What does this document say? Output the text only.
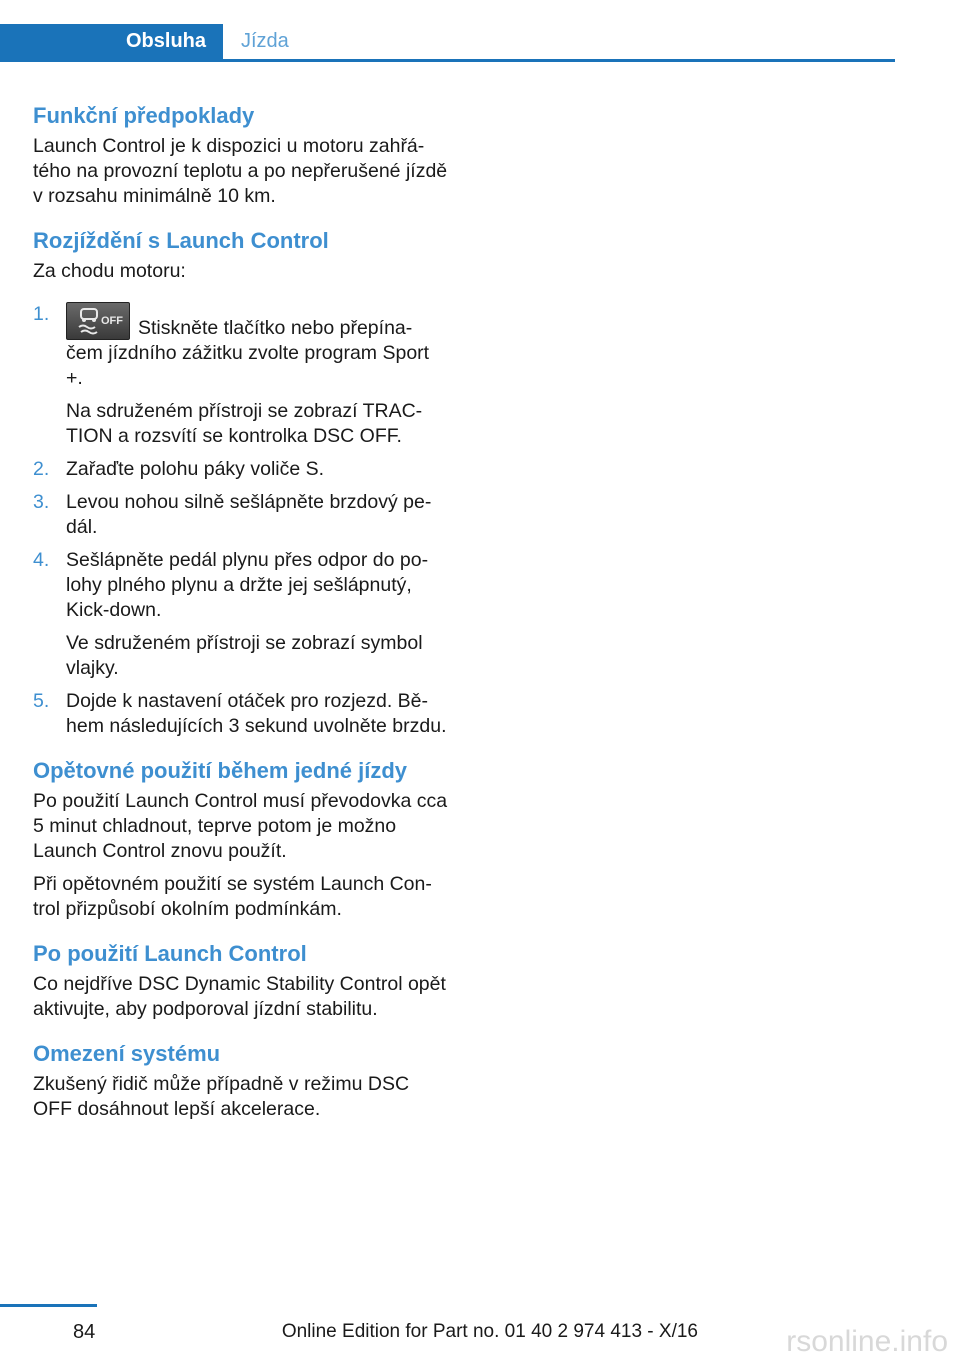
Obsluha Jízda
Funkční předpoklady

Launch Control je k dispozici u motoru zahřá-tého na provozní teplotu a po nepřerušené jízdě v rozsahu minimálně 10 km.

Rozjíždění s Launch Control

Za chodu motoru:

1.	OFF Stiskněte tlačítko nebo přepína-čem jízdního zážitku zvolte program Sport +.

Na sdruženém přístroji se zobrazí TRAC-TION a rozsvítí se kontrolka DSC OFF.

2. Zařaďte polohu páky voliče S.

3. Levou nohou silně sešlápněte brzdový pe-dál.

4. Sešlápněte pedál plynu přes odpor do po-lohy plného plynu a držte jej sešlápnutý, Kick-down.

Ve sdruženém přístroji se zobrazí symbol vlajky.

5. Dojde k nastavení otáček pro rozjezd. Bě-hem následujících 3 sekund uvolněte brzdu.

Opětovné použití během jedné jízdy

Po použití Launch Control musí převodovka cca 5 minut chladnout, teprve potom je možno Launch Control znovu použít.

Při opětovném použití se systém Launch Con-trol přizpůsobí okolním podmínkám.

Po použití Launch Control

Co nejdříve DSC Dynamic Stability Control opět aktivujte, aby podporoval jízdní stabilitu.

Omezení systému

Zkušený řidič může případně v režimu DSC OFF dosáhnout lepší akcelerace.

84	Online Edition for Part no. 01 40 2 974 413 - X/16	rsonline.info
